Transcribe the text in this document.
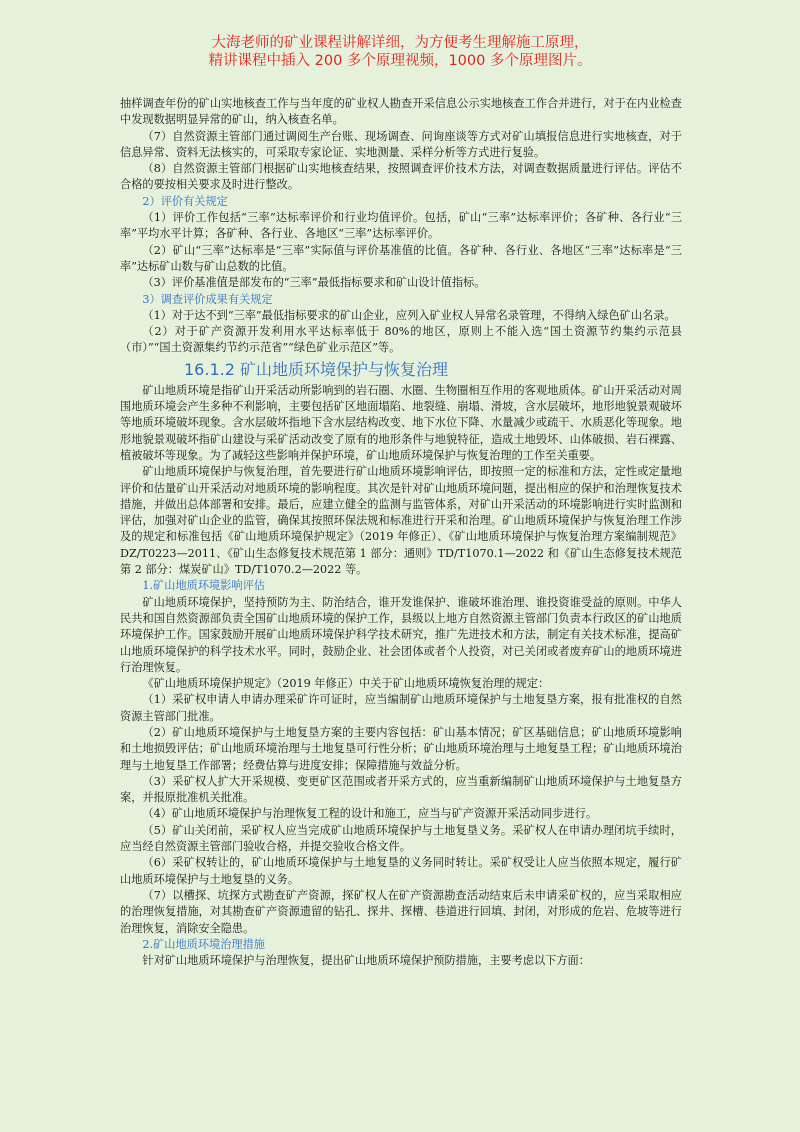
大海老师的矿业课程讲解详细，为方便考生理解施工原理，
精讲课程中插入 200 多个原理视频，1000 多个原理图片。

抽样调查年份的矿山实地核查工作与当年度的矿业权人勘查开采信息公示实地核查工作合并进行，对于在内业检查中发现数据明显异常的矿山，纳入核查名单。

（7）自然资源主管部门通过调阅生产台账、现场调查、问询座谈等方式对矿山填报信息进行实地核查，对于信息异常、资料无法核实的，可采取专家论证、实地测量、采样分析等方式进行复验。

（8）自然资源主管部门根据矿山实地核查结果，按照调查评价技术方法，对调查数据质量进行评估。评估不合格的要按相关要求及时进行整改。

2）评价有关规定

（1）评价工作包括“三率”达标率评价和行业均值评价。包括，矿山“三率”达标率评价；各矿种、各行业“三率”平均水平计算；各矿种、各行业、各地区“三率”达标率评价。

（2）矿山“三率”达标率是“三率”实际值与评价基准值的比值。各矿种、各行业、各地区“三率”达标率是“三率”达标矿山数与矿山总数的比值。

（3）评价基准值是部发布的“三率”最低指标要求和矿山设计值指标。

3）调查评价成果有关规定

（1）对于达不到“三率”最低指标要求的矿山企业，应列入矿业权人异常名录管理，不得纳入绿色矿山名录。

（2）对于矿产资源开发利用水平达标率低于 80%的地区，原则上不能入选“国土资源节约集约示范县（市）”“国土资源集约节约示范省”“绿色矿业示范区”等。

16.1.2 矿山地质环境保护与恢复治理

矿山地质环境是指矿山开采活动所影响到的岩石圈、水圈、生物圈相互作用的客观地质体。矿山开采活动对周围地质环境会产生多种不利影响，主要包括矿区地面塌陷、地裂缝、崩塌、滑坡，含水层破坏，地形地貌景观破坏等地质环境破坏现象。含水层破坏指地下含水层结构改变、地下水位下降、水量减少或疏干、水质恶化等现象。地形地貌景观破坏指矿山建设与采矿活动改变了原有的地形条件与地貌特征，造成土地毁坏、山体破损、岩石裸露、植被破坏等现象。为了减轻这些影响并保护环境，矿山地质环境保护与恢复治理的工作至关重要。

矿山地质环境保护与恢复治理，首先要进行矿山地质环境影响评估，即按照一定的标准和方法，定性或定量地评价和估量矿山开采活动对地质环境的影响程度。其次是针对矿山地质环境问题，提出相应的保护和治理恢复技术措施，并做出总体部署和安排。最后，应建立健全的监测与监管体系，对矿山开采活动的环境影响进行实时监测和评估，加强对矿山企业的监管，确保其按照环保法规和标准进行开采和治理。矿山地质环境保护与恢复治理工作涉及的规定和标准包括《矿山地质环境保护规定》（2019 年修正）、《矿山地质环境保护与恢复治理方案编制规范》DZ/T0223—2011、《矿山生态修复技术规范第 1 部分：通则》TD/T1070.1—2022 和《矿山生态修复技术规范第 2 部分：煤炭矿山》TD/T1070.2—2022 等。

1.矿山地质环境影响评估

矿山地质环境保护，坚持预防为主、防治结合，谁开发谁保护、谁破坏谁治理、谁投资谁受益的原则。中华人民共和国自然资源部负责全国矿山地质环境的保护工作，县级以上地方自然资源主管部门负责本行政区的矿山地质环境保护工作。国家鼓励开展矿山地质环境保护科学技术研究，推广先进技术和方法，制定有关技术标准，提高矿山地质环境保护的科学技术水平。同时，鼓励企业、社会团体或者个人投资，对已关闭或者废弃矿山的地质环境进行治理恢复。

《矿山地质环境保护规定》（2019 年修正）中关于矿山地质环境恢复治理的规定：

（1）采矿权申请人申请办理采矿许可证时，应当编制矿山地质环境保护与土地复垦方案，报有批准权的自然资源主管部门批准。

（2）矿山地质环境保护与土地复垦方案的主要内容包括：矿山基本情况；矿区基础信息；矿山地质环境影响和土地损毁评估；矿山地质环境治理与土地复垦可行性分析；矿山地质环境治理与土地复垦工程；矿山地质环境治理与土地复垦工作部署；经费估算与进度安排；保障措施与效益分析。

（3）采矿权人扩大开采规模、变更矿区范围或者开采方式的，应当重新编制矿山地质环境保护与土地复垦方案，并报原批准机关批准。

（4）矿山地质环境保护与治理恢复工程的设计和施工，应当与矿产资源开采活动同步进行。

（5）矿山关闭前，采矿权人应当完成矿山地质环境保护与土地复垦义务。采矿权人在申请办理闭坑手续时，应当经自然资源主管部门验收合格，并提交验收合格文件。

（6）采矿权转让的，矿山地质环境保护与土地复垦的义务同时转让。采矿权受让人应当依照本规定，履行矿山地质环境保护与土地复垦的义务。

（7）以槽探、坑探方式勘查矿产资源，探矿权人在矿产资源勘查活动结束后未申请采矿权的，应当采取相应的治理恢复措施，对其勘查矿产资源遗留的钻孔、探井、探槽、巷道进行回填、封闭，对形成的危岩、危坡等进行治理恢复，消除安全隐患。

2.矿山地质环境治理措施

针对矿山地质环境保护与治理恢复，提出矿山地质环境保护预防措施，主要考虑以下方面：
